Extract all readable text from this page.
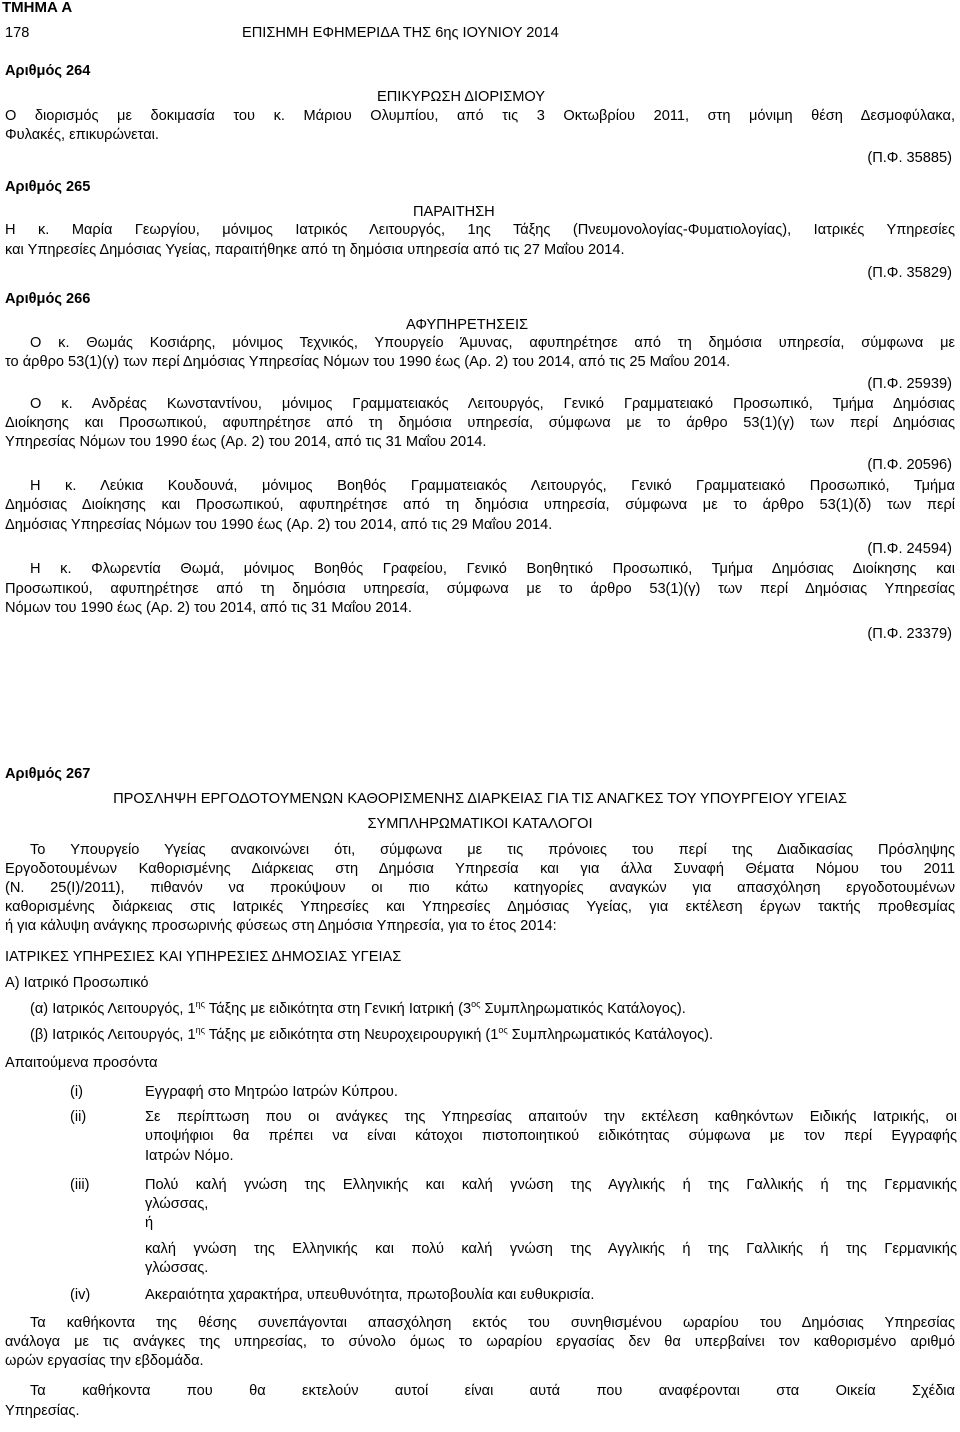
ΤΜΗΜΑ Α
178	ΕΠΙΣΗΜΗ ΕΦΗΜΕΡΙΔΑ ΤΗΣ 6ης ΙΟΥΝΙΟΥ 2014
Αριθμός 264
ΕΠΙΚΥΡΩΣΗ ΔΙΟΡΙΣΜΟΥ
Ο διορισμός με δοκιμασία του κ. Μάριου Ολυμπίου, από τις 3 Οκτωβρίου 2011, στη μόνιμη θέση Δεσμοφύλακα,
Φυλακές, επικυρώνεται.
(Π.Φ. 35885)
Αριθμός 265
ΠΑΡΑΙΤΗΣΗ
Η κ. Μαρία Γεωργίου, μόνιμος Ιατρικός Λειτουργός, 1ης Τάξης (Πνευμονολογίας-Φυματιολογίας), Ιατρικές Υπηρεσίες
και Υπηρεσίες Δημόσιας Υγείας, παραιτήθηκε από τη δημόσια υπηρεσία από τις 27 Μαΐου 2014.
(Π.Φ. 35829)
Αριθμός 266
ΑΦΥΠΗΡΕΤΗΣΕΙΣ
Ο κ. Θωμάς Κοσιάρης, μόνιμος Τεχνικός, Υπουργείο Άμυνας, αφυπηρέτησε από τη δημόσια υπηρεσία, σύμφωνα με
το άρθρο 53(1)(γ) των περί Δημόσιας Υπηρεσίας Νόμων του 1990 έως (Αρ. 2) του 2014, από τις 25 Μαΐου 2014.
(Π.Φ. 25939)
Ο κ. Ανδρέας Κωνσταντίνου, μόνιμος Γραμματειακός Λειτουργός, Γενικό Γραμματειακό Προσωπικό, Τμήμα Δημόσιας
Διοίκησης και Προσωπικού, αφυπηρέτησε από τη δημόσια υπηρεσία, σύμφωνα με το άρθρο 53(1)(γ) των περί Δημόσιας
Υπηρεσίας Νόμων του 1990 έως (Αρ. 2) του 2014, από τις 31 Μαΐου 2014.
(Π.Φ. 20596)
Η κ. Λεύκια Κουδουνά, μόνιμος Βοηθός Γραμματειακός Λειτουργός, Γενικό Γραμματειακό Προσωπικό, Τμήμα
Δημόσιας Διοίκησης και Προσωπικού, αφυπηρέτησε από τη δημόσια υπηρεσία, σύμφωνα με το άρθρο 53(1)(δ) των περί
Δημόσιας Υπηρεσίας Νόμων του 1990 έως (Αρ. 2) του 2014, από τις 29 Μαΐου 2014.
(Π.Φ. 24594)
Η κ. Φλωρεντία Θωμά, μόνιμος Βοηθός Γραφείου, Γενικό Βοηθητικό Προσωπικό, Τμήμα Δημόσιας Διοίκησης και
Προσωπικού, αφυπηρέτησε από τη δημόσια υπηρεσία, σύμφωνα με το άρθρο 53(1)(γ) των περί Δημόσιας Υπηρεσίας
Νόμων του 1990 έως (Αρ. 2) του 2014, από τις 31 Μαΐου 2014.
(Π.Φ. 23379)
Αριθμός 267
ΠΡΟΣΛΗΨΗ ΕΡΓΟΔΟΤΟΥΜΕΝΩΝ ΚΑΘΟΡΙΣΜΕΝΗΣ ΔΙΑΡΚΕΙΑΣ ΓΙΑ ΤΙΣ ΑΝΑΓΚΕΣ ΤΟΥ ΥΠΟΥΡΓΕΙΟΥ ΥΓΕΙΑΣ
ΣΥΜΠΛΗΡΩΜΑΤΙΚΟΙ ΚΑΤΑΛΟΓΟΙ
Το Υπουργείο Υγείας ανακοινώνει ότι, σύμφωνα με τις πρόνοιες του περί της Διαδικασίας Πρόσληψης
Εργοδοτουμένων Καθορισμένης Διάρκειας στη Δημόσια Υπηρεσία και για άλλα Συναφή Θέματα Νόμου του 2011
(Ν. 25(Ι)/2011), πιθανόν να προκύψουν οι πιο κάτω κατηγορίες αναγκών για απασχόληση εργοδοτουμένων
καθορισμένης διάρκειας στις Ιατρικές Υπηρεσίες και Υπηρεσίες Δημόσιας Υγείας, για εκτέλεση έργων τακτής προθεσμίας
ή για κάλυψη ανάγκης προσωρινής φύσεως στη Δημόσια Υπηρεσία, για το έτος 2014:
ΙΑΤΡΙΚΕΣ ΥΠΗΡΕΣΙΕΣ ΚΑΙ ΥΠΗΡΕΣΙΕΣ ΔΗΜΟΣΙΑΣ ΥΓΕΙΑΣ
Α) Ιατρικό Προσωπικό
(α) Ιατρικός Λειτουργός, $1^{\eta\varsigma}$ Τάξης με ειδικότητα στη Γενική Ιατρική ($3^{o\varsigma}$ Συμπληρωματικός Κατάλογος).
(β) Ιατρικός Λειτουργός, $1^{\eta\varsigma}$ Τάξης με ειδικότητα στη Νευροχειρουργική ($1^{o\varsigma}$ Συμπληρωματικός Κατάλογος).
Απαιτούμενα προσόντα
(i)	Εγγραφή στο Μητρώο Ιατρών Κύπρου.
(ii)	Σε περίπτωση που οι ανάγκες της Υπηρεσίας απαιτούν την εκτέλεση καθηκόντων Ειδικής Ιατρικής, οι
υποψήφιοι θα πρέπει να είναι κάτοχοι πιστοποιητικού ειδικότητας σύμφωνα με τον περί Εγγραφής
Ιατρών Νόμο.
(iii)	Πολύ καλή γνώση της Ελληνικής και καλή γνώση της Αγγλικής ή της Γαλλικής ή της Γερμανικής
γλώσσας,
ή
καλή γνώση της Ελληνικής και πολύ καλή γνώση της Αγγλικής ή της Γαλλικής ή της Γερμανικής
γλώσσας.
(iv)	Ακεραιότητα χαρακτήρα, υπευθυνότητα, πρωτοβουλία και ευθυκρισία.
Τα καθήκοντα της θέσης συνεπάγονται απασχόληση εκτός του συνηθισμένου ωραρίου του Δημόσιας Υπηρεσίας
ανάλογα με τις ανάγκες της υπηρεσίας, το σύνολο όμως το ωραρίου εργασίας δεν θα υπερβαίνει τον καθορισμένο αριθμό
ωρών εργασίας την εβδομάδα.
Τα καθήκοντα που θα εκτελούν αυτοί είναι αυτά που αναφέρονται στα Οικεία Σχέδια
Υπηρεσίας.
